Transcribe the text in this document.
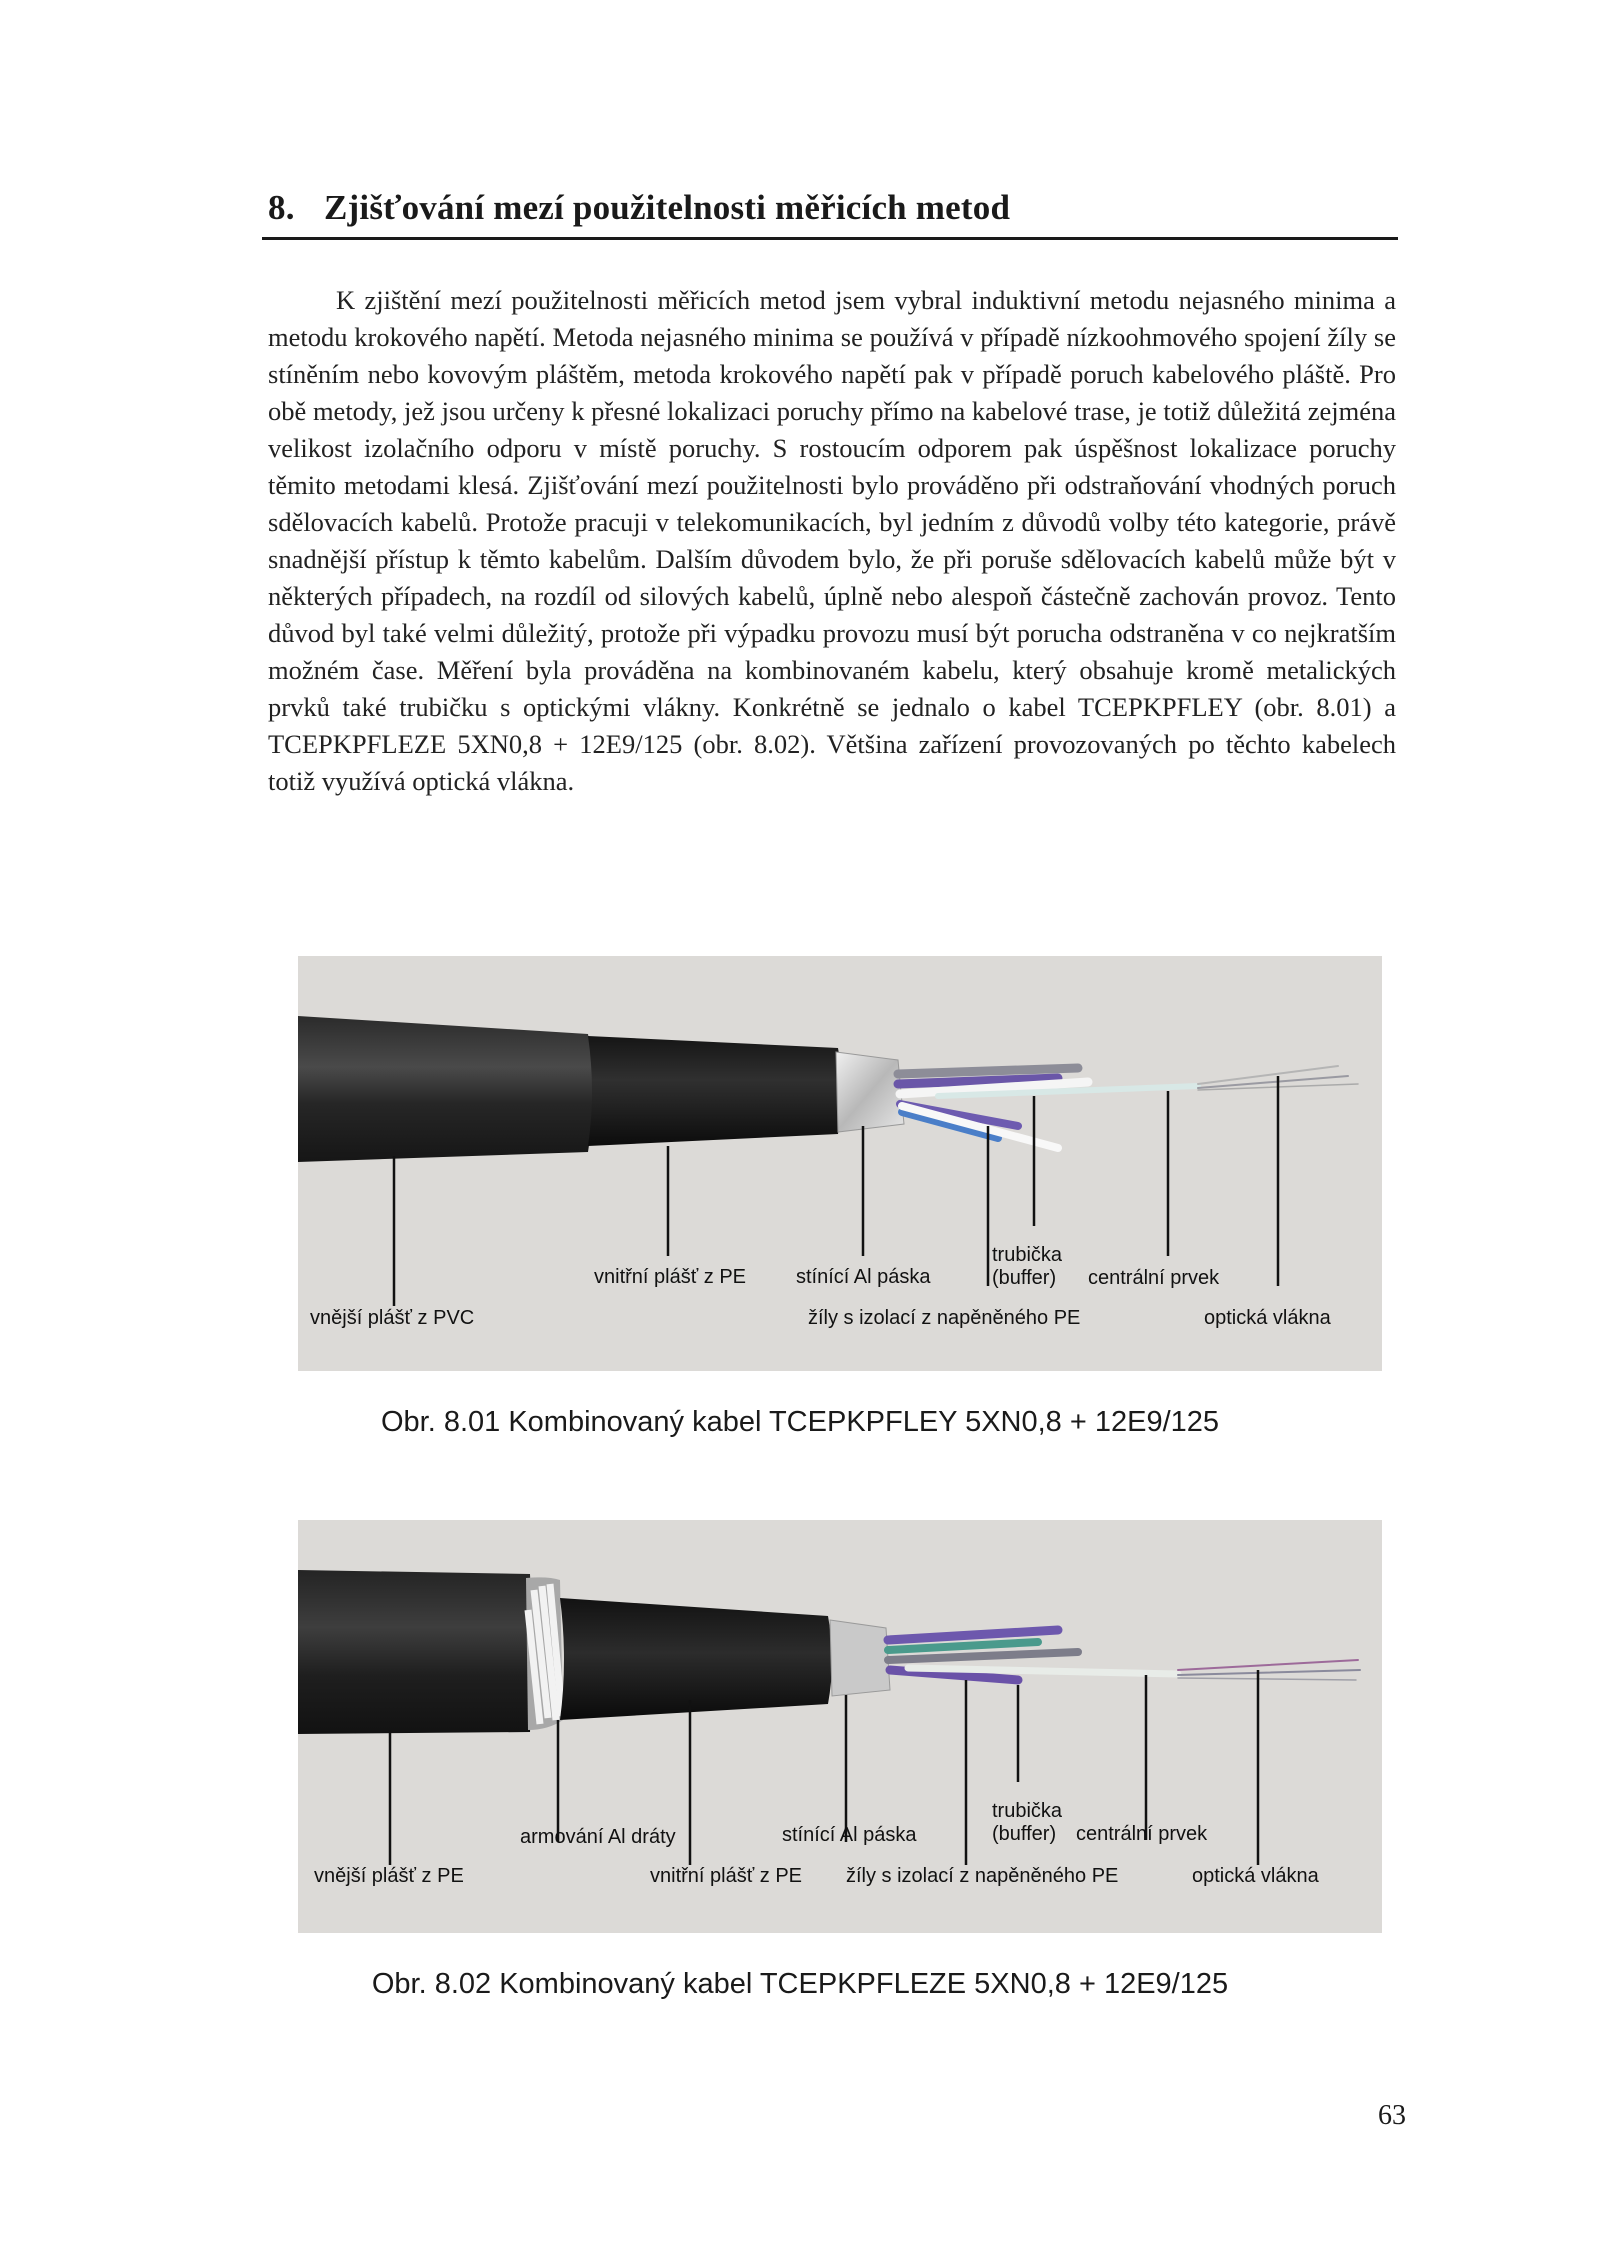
8. Zjišťování mezí použitelnosti měřicích metod
K zjištění mezí použitelnosti měřicích metod jsem vybral induktivní metodu nejasného minima a metodu krokového napětí. Metoda nejasného minima se používá v případě nízkoohmového spojení žíly se stíněním nebo kovovým pláštěm, metoda krokového napětí pak v případě poruch kabelového pláště. Pro obě metody, jež jsou určeny k přesné lokalizaci poruchy přímo na kabelové trase, je totiž důležitá zejména velikost izolačního odporu v místě poruchy. S rostoucím odporem pak úspěšnost lokalizace poruchy těmito metodami klesá. Zjišťování mezí použitelnosti bylo prováděno při odstraňování vhodných poruch sdělovacích kabelů. Protože pracuji v telekomunikacích, byl jedním z důvodů volby této kategorie, právě snadnější přístup k těmto kabelům. Dalším důvodem bylo, že při poruše sdělovacích kabelů může být v některých případech, na rozdíl od silových kabelů, úplně nebo alespoň částečně zachován provoz. Tento důvod byl také velmi důležitý, protože při výpadku provozu musí být porucha odstraněna v co nejkratším možném čase. Měření byla prováděna na kombinovaném kabelu, který obsahuje kromě metalických prvků také trubičku s optickými vlákny. Konkrétně se jednalo o kabel TCEPKPFLEY (obr. 8.01) a TCEPKPFLEZE 5XN0,8 + 12E9/125 (obr. 8.02). Většina zařízení provozovaných po těchto kabelech totiž využívá optická vlákna.
vnější plášť z PVC
vnitřní plášť z PE stínící Al páska
žíly s izolací z napěněného PE
trubička
(buffer) centrální prvek
optická vlákna
Obr. 8.01 Kombinovaný kabel TCEPKPFLEY 5XN0,8 + 12E9/125
vnější plášť z PE
armování Al dráty
vnitřní plášť z PE
stínící Al páska
žíly s izolací z napěněného PE
trubička
(buffer) centrální prvek
optická vlákna
Obr. 8.02 Kombinovaný kabel TCEPKPFLEZE 5XN0,8 + 12E9/125
63
